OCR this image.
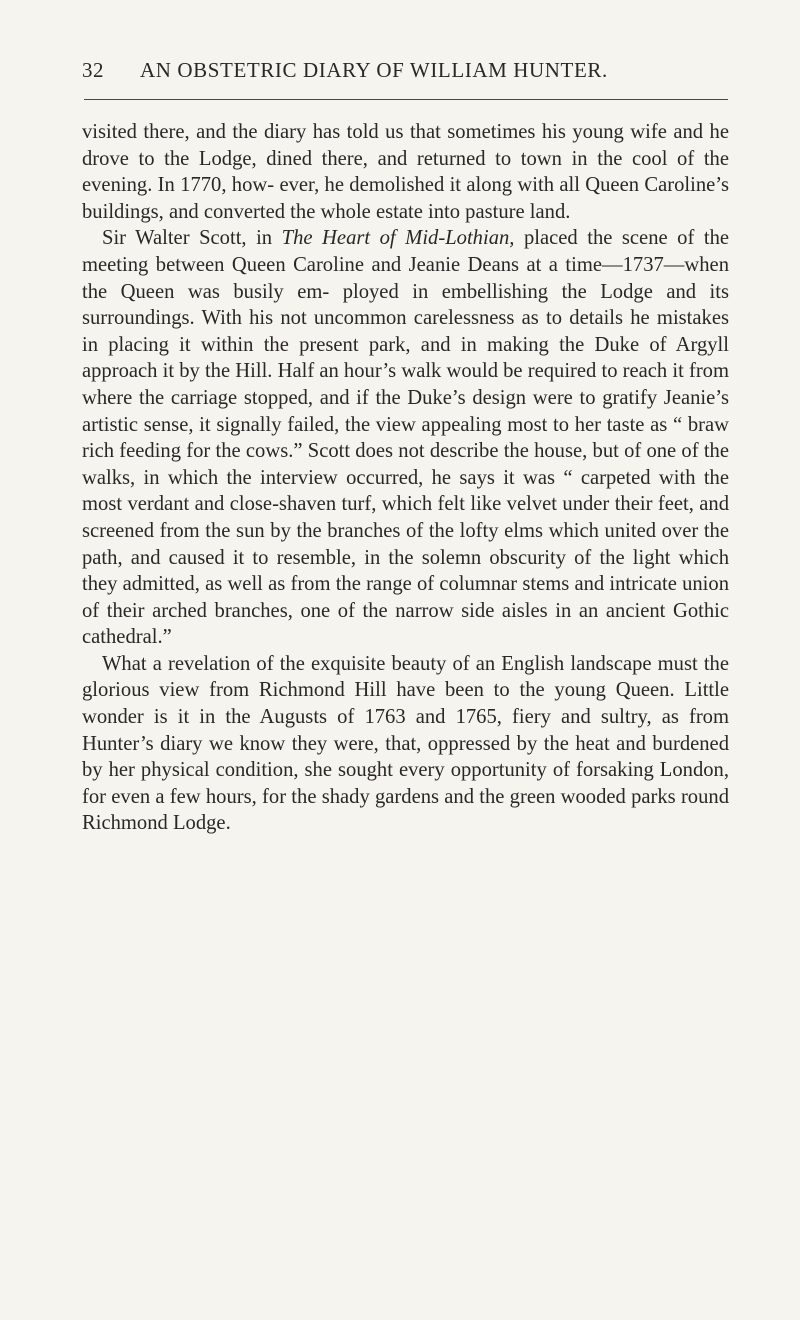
32 AN OBSTETRIC DIARY OF WILLIAM HUNTER.

visited there, and the diary has told us that sometimes his young wife and he drove to the Lodge, dined there, and returned to town in the cool of the evening. In 1770, how- ever, he demolished it along with all Queen Caroline’s buildings, and converted the whole estate into pasture land.

Sir Walter Scott, in The Heart of Mid-Lothian, placed the scene of the meeting between Queen Caroline and Jeanie Deans at a time—1737—when the Queen was busily em- ployed in embellishing the Lodge and its surroundings. With his not uncommon carelessness as to details he mistakes in placing it within the present park, and in making the Duke of Argyll approach it by the Hill. Half an hour’s walk would be required to reach it from where the carriage stopped, and if the Duke’s design were to gratify Jeanie’s artistic sense, it signally failed, the view appealing most to her taste as “ braw rich feeding for the cows.” Scott does not describe the house, but of one of the walks, in which the interview occurred, he says it was “ carpeted with the most verdant and close-shaven turf, which felt like velvet under their feet, and screened from the sun by the branches of the lofty elms which united over the path, and caused it to resemble, in the solemn obscurity of the light which they admitted, as well as from the range of columnar stems and intricate union of their arched branches, one of the narrow side aisles in an ancient Gothic cathedral.”

What a revelation of the exquisite beauty of an English landscape must the glorious view from Richmond Hill have been to the young Queen. Little wonder is it in the Augusts of 1763 and 1765, fiery and sultry, as from Hunter’s diary we know they were, that, oppressed by the heat and burdened by her physical condition, she sought every opportunity of forsaking London, for even a few hours, for the shady gardens and the green wooded parks round Richmond Lodge.
